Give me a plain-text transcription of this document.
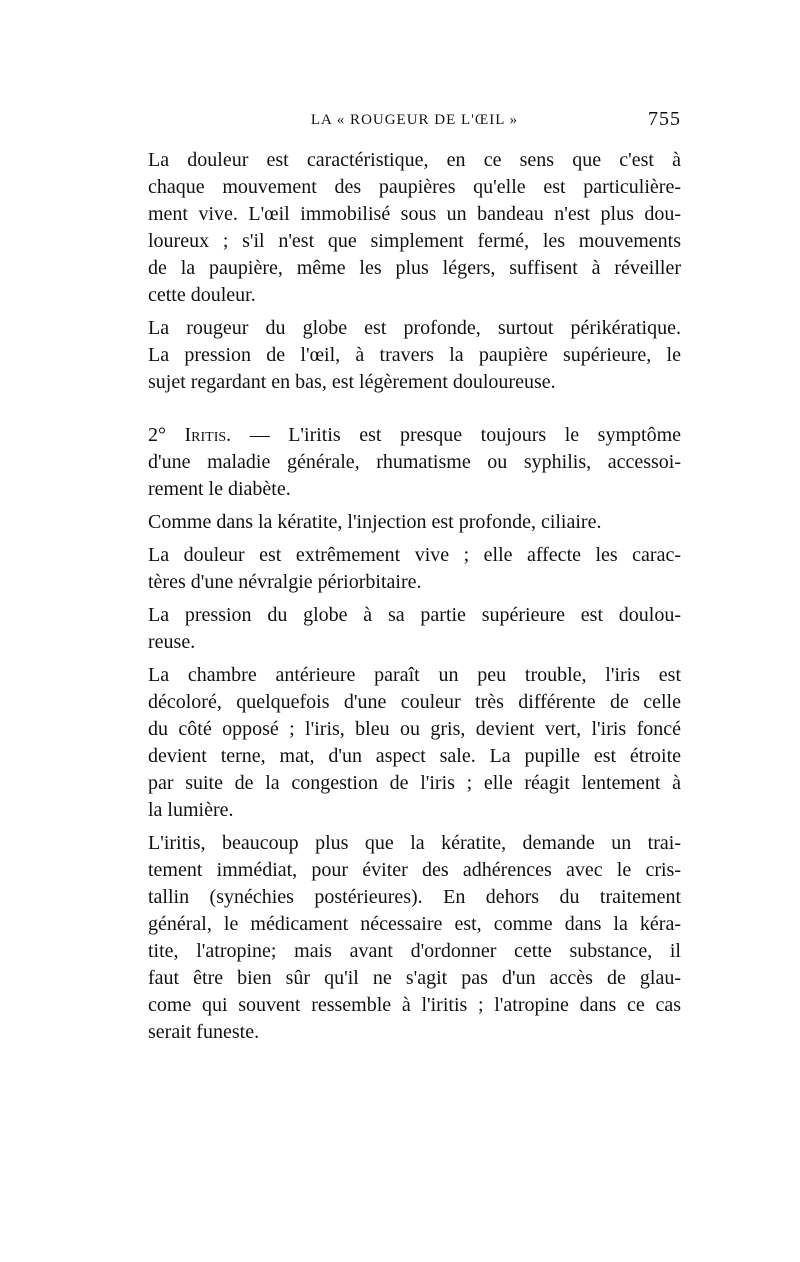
LA « ROUGEUR DE L'ŒIL »	755
La douleur est caractéristique, en ce sens que c'est à
chaque mouvement des paupières qu'elle est particulière-
ment vive. L'œil immobilisé sous un bandeau n'est plus dou-
loureux ; s'il n'est que simplement fermé, les mouvements
de la paupière, même les plus légers, suffisent à réveiller
cette douleur.
La rougeur du globe est profonde, surtout périkératique.
La pression de l'œil, à travers la paupière supérieure, le
sujet regardant en bas, est légèrement douloureuse.
2° Iritis. — L'iritis est presque toujours le symptôme
d'une maladie générale, rhumatisme ou syphilis, accessoi-
rement le diabète.
Comme dans la kératite, l'injection est profonde, ciliaire.
La douleur est extrêmement vive ; elle affecte les carac-
tères d'une névralgie périorbitaire.
La pression du globe à sa partie supérieure est doulou-
reuse.
La chambre antérieure paraît un peu trouble, l'iris est
décoloré, quelquefois d'une couleur très différente de celle
du côté opposé ; l'iris, bleu ou gris, devient vert, l'iris foncé
devient terne, mat, d'un aspect sale. La pupille est étroite
par suite de la congestion de l'iris ; elle réagit lentement à
la lumière.
L'iritis, beaucoup plus que la kératite, demande un trai-
tement immédiat, pour éviter des adhérences avec le cris-
tallin (synéchies postérieures). En dehors du traitement
général, le médicament nécessaire est, comme dans la kéra-
tite, l'atropine; mais avant d'ordonner cette substance, il
faut être bien sûr qu'il ne s'agit pas d'un accès de glau-
come qui souvent ressemble à l'iritis ; l'atropine dans ce cas
serait funeste.
